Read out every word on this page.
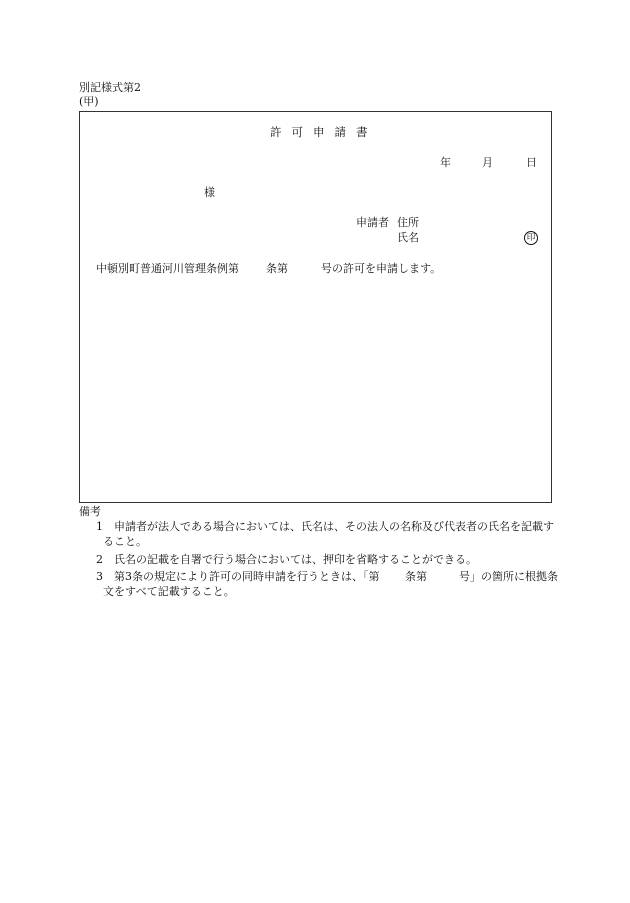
別記様式第2
(甲)
許可申請書
年	月	日
様
申請者 住所
氏名	印
中頓別町普通河川管理条例第 条第	号の許可を申請します。
備考
1 申請者が法人である場合においては、氏名は、その法人の名称及び代表者の氏名を記載す
ること。
2 氏名の記載を自署で行う場合においては、押印を省略することができる。
3 第3条の規定により許可の同時申請を行うときは、「第 条第	号」の箇所に根拠条
文をすべて記載すること。
